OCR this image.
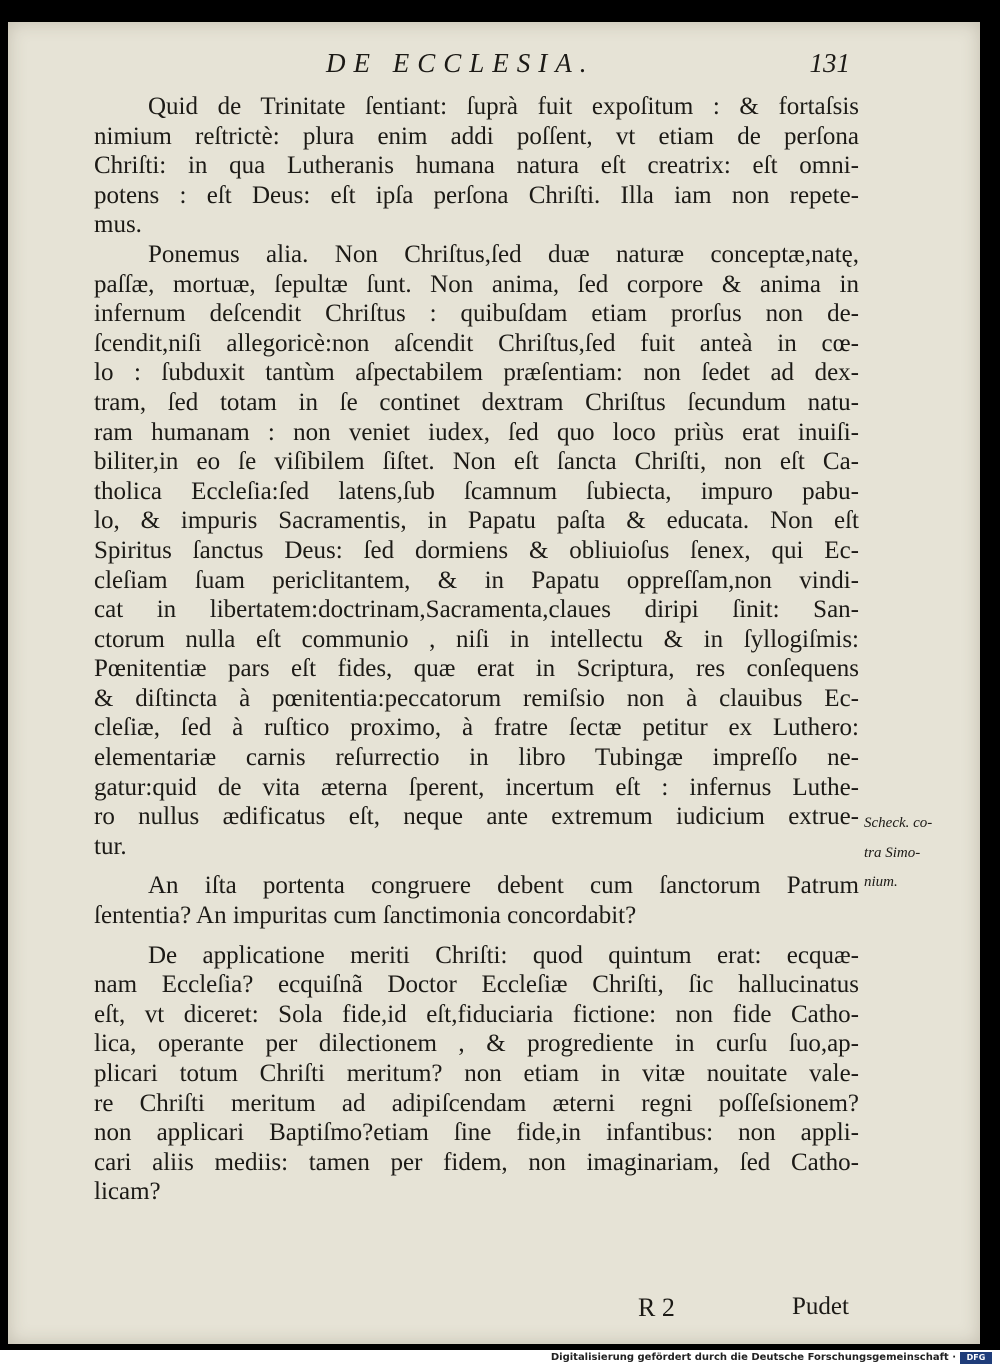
DE ECCLESIA.	131
Quid de Trinitate ſentiant: ſuprà fuit expoſitum : & fortaſsis
nimium reſtrictè: plura enim addi poſſent, vt etiam de perſona
Chriſti: in qua Lutheranis humana natura eſt creatrix: eſt omni-
potens : eſt Deus: eſt ipſa perſona Chriſti. Illa iam non repete-
mus.
Ponemus alia. Non Chriſtus,ſed duæ naturæ conceptæ,natę,
paſſæ, mortuæ, ſepultæ ſunt. Non anima, ſed corpore & anima in
infernum deſcendit Chriſtus : quibuſdam etiam prorſus non de-
ſcendit,niſi allegoricè:non aſcendit Chriſtus,ſed fuit anteà in cœ-
lo : ſubduxit tantùm aſpectabilem præſentiam: non ſedet ad dex-
tram, ſed totam in ſe continet dextram Chriſtus ſecundum natu-
ram humanam : non veniet iudex, ſed quo loco priùs erat inuiſi-
biliter,in eo ſe viſibilem ſiſtet. Non eſt ſancta Chriſti, non eſt Ca-
tholica Eccleſia:ſed latens,ſub ſcamnum ſubiecta, impuro pabu-
lo, & impuris Sacramentis, in Papatu paſta & educata. Non eſt
Spiritus ſanctus Deus: ſed dormiens & obliuioſus ſenex, qui Ec-
cleſiam ſuam periclitantem, & in Papatu oppreſſam,non vindi-
cat in libertatem:doctrinam,Sacramenta,claues diripi ſinit: San-
ctorum nulla eſt communio , niſi in intellectu & in ſyllogiſmis:
Pœnitentiæ pars eſt fides, quæ erat in Scriptura, res conſequens
& diſtincta à pœnitentia:peccatorum remiſsio non à clauibus Ec-
cleſiæ, ſed à ruſtico proximo, à fratre ſectæ petitur ex Luthero:
elementariæ carnis reſurrectio in libro Tubingæ impreſſo ne-
gatur:quid de vita æterna ſperent, incertum eſt : infernus Luthe-
ro nullus ædificatus eſt, neque ante extremum iudicium extrue-
tur.
An iſta portenta congruere debent cum ſanctorum Patrum
ſententia? An impuritas cum ſanctimonia concordabit?
De applicatione meriti Chriſti: quod quintum erat: ecquæ-
nam Eccleſia? ecquiſnã Doctor Eccleſiæ Chriſti, ſic hallucinatus
eſt, vt diceret: Sola fide,id eſt,fiduciaria fictione: non fide Catho-
lica, operante per dilectionem , & progrediente in curſu ſuo,ap-
plicari totum Chriſti meritum? non etiam in vitæ nouitate vale-
re Chriſti meritum ad adipiſcendam æterni regni poſſeſsionem?
non applicari Baptiſmo?etiam ſine fide,in infantibus: non appli-
cari aliis mediis: tamen per fidem, non imaginariam, ſed Catho-
licam?
Scheck. co-
tra Simo-
nium.
R 2	Pudet
Digitalisierung gefördert durch die Deutsche Forschungsgemeinschaft ·	DFG
